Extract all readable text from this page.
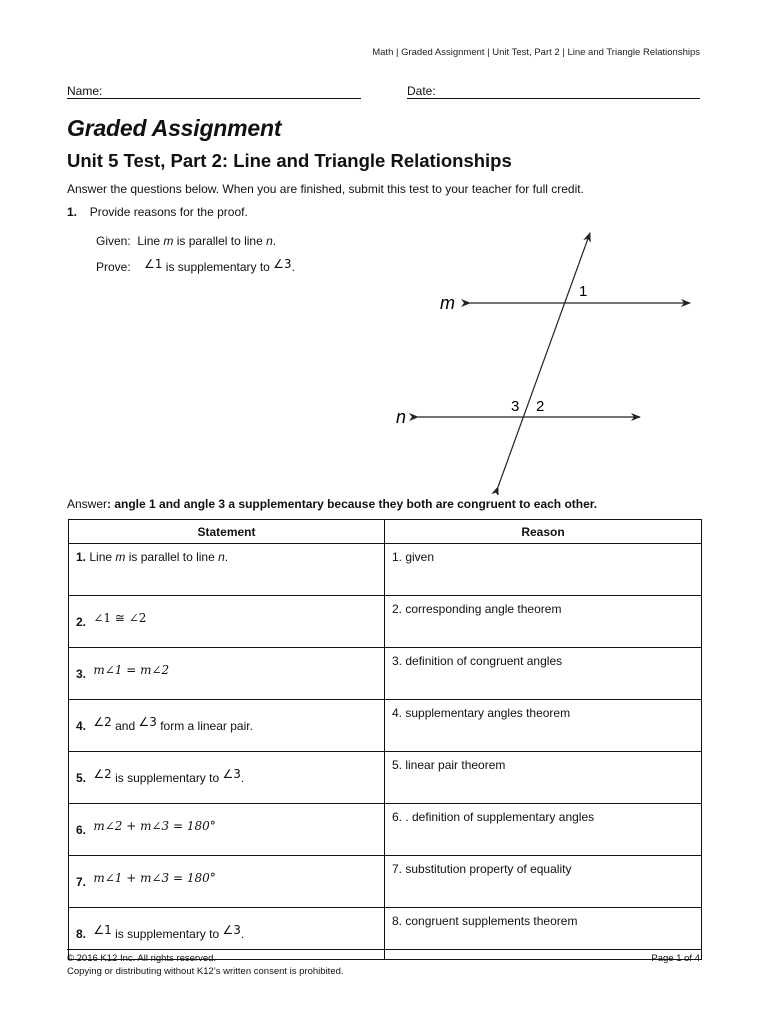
Math | Graded Assignment | Unit Test, Part 2 | Line and Triangle Relationships
Name:	Date:
Graded Assignment
Unit 5 Test, Part 2: Line and Triangle Relationships
Answer the questions below. When you are finished, submit this test to your teacher for full credit.
1. Provide reasons for the proof.
Given: Line m is parallel to line n.
Prove: ∠1 is supplementary to ∠3.
m
n
1
2
3
Answer: angle 1 and angle 3 a supplementary because they both are congruent to each other.
Statement	Reason
1. Line m is parallel to line n.	1. given
2. ∠1 ≅ ∠2	2. corresponding angle theorem
3. m∠1 = m∠2	3. definition of congruent angles
4. ∠2 and ∠3 form a linear pair.	4. supplementary angles theorem
5. ∠2 is supplementary to ∠3.	5. linear pair theorem
6. m∠2 + m∠3 = 180°	6. . definition of supplementary angles
7. m∠1 + m∠3 = 180°	7. substitution property of equality
8. ∠1 is supplementary to ∠3.	8. congruent supplements theorem
© 2016 K12 Inc. All rights reserved.
Copying or distributing without K12’s written consent is prohibited.
Page 1 of 4
